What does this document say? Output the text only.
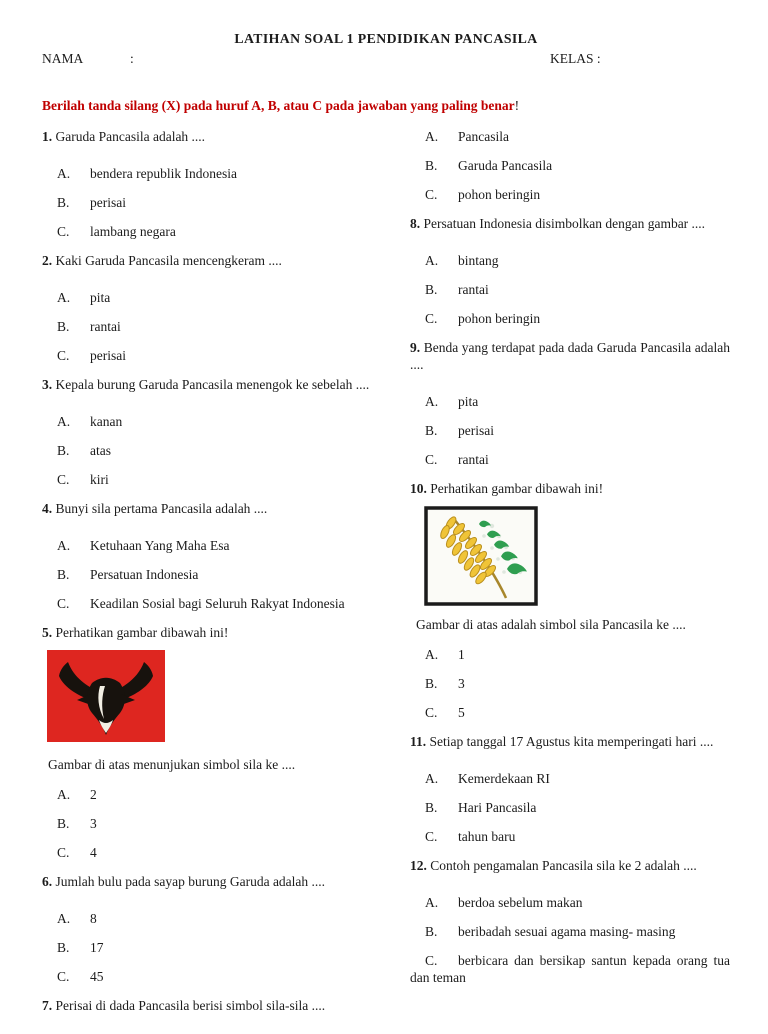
LATIHAN SOAL 1 PENDIDIKAN PANCASILA
NAMA	:	KELAS :

Berilah tanda silang (X) pada huruf A, B, atau C pada jawaban yang paling benar!

1. Garuda Pancasila adalah ....

A. bendera republik Indonesia

B. perisai

C. lambang negara

2. Kaki Garuda Pancasila mencengkeram ....

A. pita

B. rantai

C. perisai

3. Kepala burung Garuda Pancasila menengok ke sebelah ....

A. kanan

B. atas

C. kiri

4. Bunyi sila pertama Pancasila adalah ....

A. Ketuhaan Yang Maha Esa

B. Persatuan Indonesia

C. Keadilan Sosial bagi Seluruh Rakyat Indonesia

5. Perhatikan gambar dibawah ini!

Gambar di atas menunjukan simbol sila ke ....

A. 2

B. 3

C. 4

6. Jumlah bulu pada sayap burung Garuda adalah ....

A. 8

B. 17

C. 45

7. Perisai di dada Pancasila berisi simbol sila-sila ....

A. Pancasila

B. Garuda Pancasila

C. pohon beringin

8. Persatuan Indonesia disimbolkan dengan gambar ....

A. bintang

B. rantai

C. pohon beringin

9. Benda yang terdapat pada dada Garuda Pancasila adalah ....

A. pita

B. perisai

C. rantai

10. Perhatikan gambar dibawah ini!

Gambar di atas adalah simbol sila Pancasila ke ....

A. 1

B. 3

C. 5

11. Setiap tanggal 17 Agustus kita memperingati hari ....

A. Kemerdekaan RI

B. Hari Pancasila

C. tahun baru

12. Contoh pengamalan Pancasila sila ke 2 adalah ....

A. berdoa sebelum makan

B. beribadah sesuai agama masing- masing

C. berbicara dan bersikap santun kepada orang tua dan teman
